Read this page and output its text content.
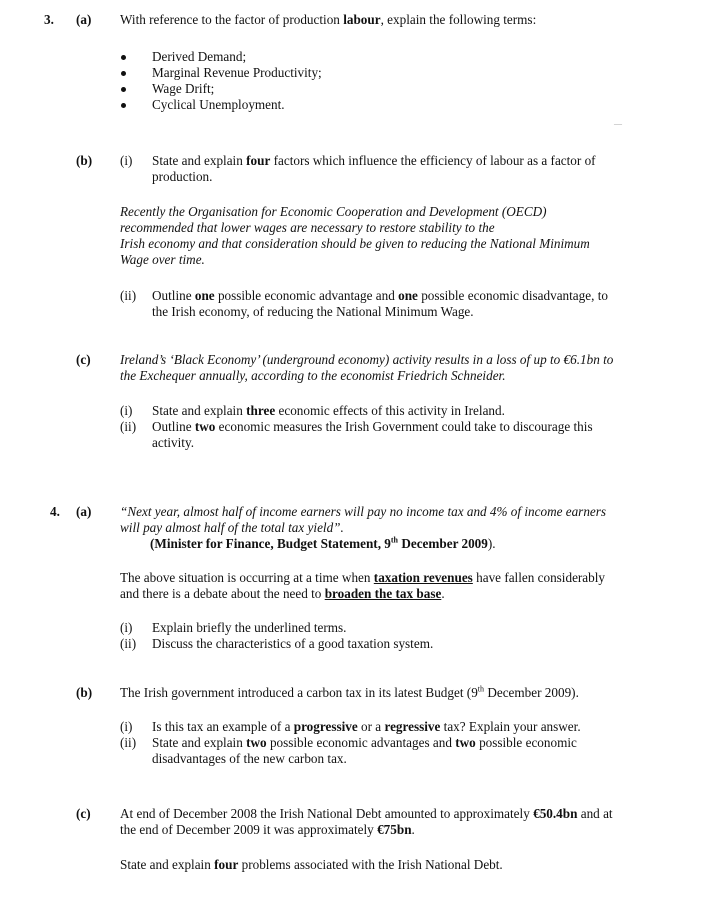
3. (a) With reference to the factor of production labour, explain the following terms:
Derived Demand;
Marginal Revenue Productivity;
Wage Drift;
Cyclical Unemployment.
—
(b) (i) State and explain four factors which influence the efficiency of labour as a factor of
production.
Recently the Organisation for Economic Cooperation and Development (OECD)
recommended that lower wages are necessary to restore stability to the
Irish economy and that consideration should be given to reducing the National Minimum
Wage over time.
(ii) Outline one possible economic advantage and one possible economic disadvantage, to
the Irish economy, of reducing the National Minimum Wage.
(c) Ireland’s ‘Black Economy’ (underground economy) activity results in a loss of up to €6.1bn to
the Exchequer annually, according to the economist Friedrich Schneider.
(i) State and explain three economic effects of this activity in Ireland.
(ii) Outline two economic measures the Irish Government could take to discourage this
activity.
4. (a) “Next year, almost half of income earners will pay no income tax and 4% of income earners
will pay almost half of the total tax yield”.
(Minister for Finance, Budget Statement, 9th December 2009).
The above situation is occurring at a time when taxation revenues have fallen considerably
and there is a debate about the need to broaden the tax base.
(i) Explain briefly the underlined terms.
(ii) Discuss the characteristics of a good taxation system.
(b) The Irish government introduced a carbon tax in its latest Budget (9th December 2009).
(i) Is this tax an example of a progressive or a regressive tax? Explain your answer.
(ii) State and explain two possible economic advantages and two possible economic
disadvantages of the new carbon tax.
(c) At end of December 2008 the Irish National Debt amounted to approximately €50.4bn and at
the end of December 2009 it was approximately €75bn.
State and explain four problems associated with the Irish National Debt.
